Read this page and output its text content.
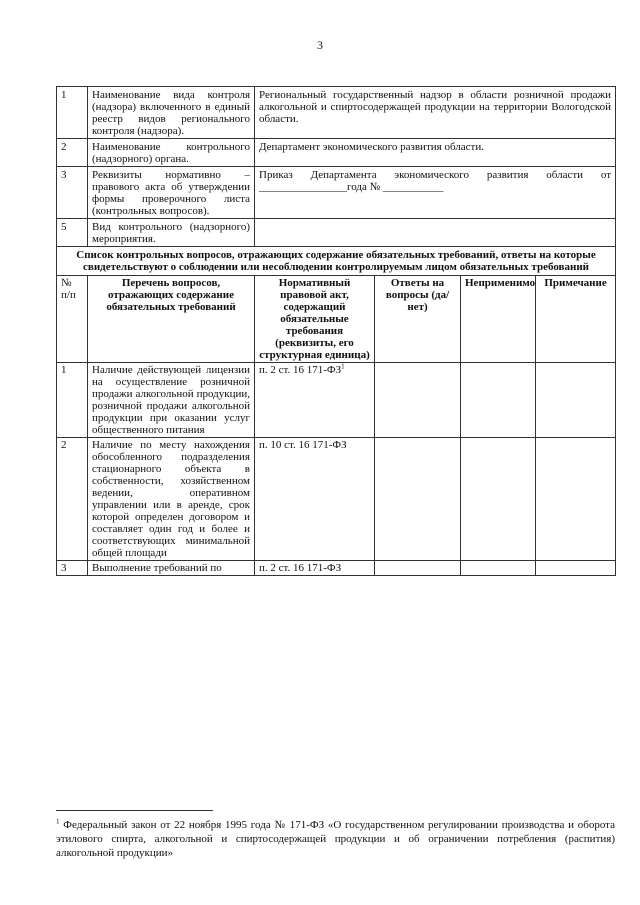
3
1	Наименование вида контроля (надзора) включенного в единый реестр видов регионального контроля (надзора).	Региональный государственный надзор в области розничной продажи алкогольной и спиртосодержащей продукции на территории Вологодской области.			
2	Наименование контрольного (надзорного) органа.	Департамент экономического развития области.			
3	Реквизиты нормативно – правового акта об утверждении формы проверочного листа (контрольных вопросов).	Приказ Департамента экономического развития области от ________________года № ___________			
5	Вид контрольного (надзорного) мероприятия.				
Список контрольных вопросов, отражающих содержание обязательных требований, ответы на которые свидетельствуют о соблюдении или несоблюдении контролируемым лицом обязательных требований					
№ п/п	Перечень вопросов, отражающих содержание обязательных требований	Нормативный правовой акт, содержащий обязательные требования (реквизиты, его структурная единица)	Ответы на вопросы (да/нет)	Неприменимо	Примечание
1	Наличие действующей лицензии на осуществление розничной продажи алкогольной продукции, розничной продажи алкогольной продукции при оказании услуг общественного питания	п. 2 ст. 16 $171-ФЗ^1$			
2	Наличие по месту нахождения обособленного подразделения стационарного объекта в собственности, хозяйственном ведении, оперативном управлении или в аренде, срок которой определен договором и составляет один год и более и соответствующих минимальной общей площади	п. 10 ст. 16 171-ФЗ			
3	Выполнение требований по	п. 2 ст. 16 171-ФЗ			
$^1$ Федеральный закон от 22 ноября 1995 года № 171-ФЗ «О государственном регулировании производства и оборота этилового спирта, алкогольной и спиртосодержащей продукции и об ограничении потребления (распития) алкогольной продукции»
